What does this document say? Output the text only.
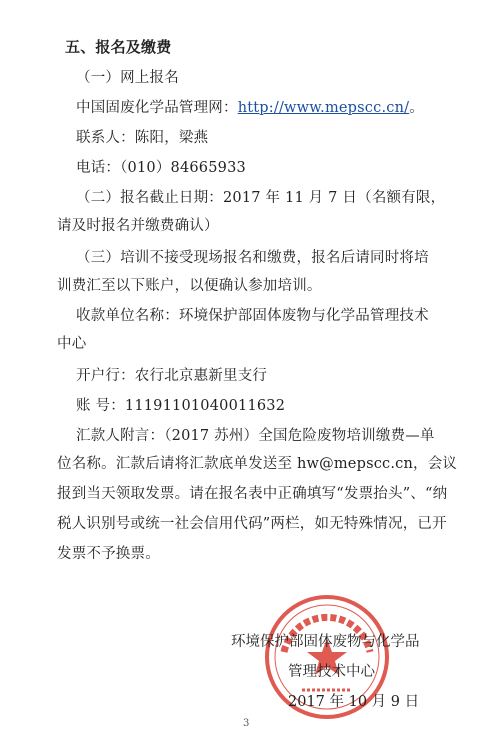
五、报名及缴费
（一）网上报名
中国固废化学品管理网：http://www.mepscc.cn/。
联系人：陈阳，梁燕
电话：（010）84665933
（二）报名截止日期：2017 年 11 月 7 日（名额有限，
请及时报名并缴费确认）
（三）培训不接受现场报名和缴费，报名后请同时将培
训费汇至以下账户，以便确认参加培训。
收款单位名称：环境保护部固体废物与化学品管理技术
中心
开户行：农行北京惠新里支行
账 号：11191101040011632
汇款人附言：（2017 苏州）全国危险废物培训缴费—单
位名称。汇款后请将汇款底单发送至 hw@mepscc.cn，会议
报到当天领取发票。请在报名表中正确填写“发票抬头”、“纳
税人识别号或统一社会信用代码”两栏，如无特殊情况，已开
发票不予换票。
环境保护部固体废物与化学品
管理技术中心
2017 年 10 月 9 日
3
